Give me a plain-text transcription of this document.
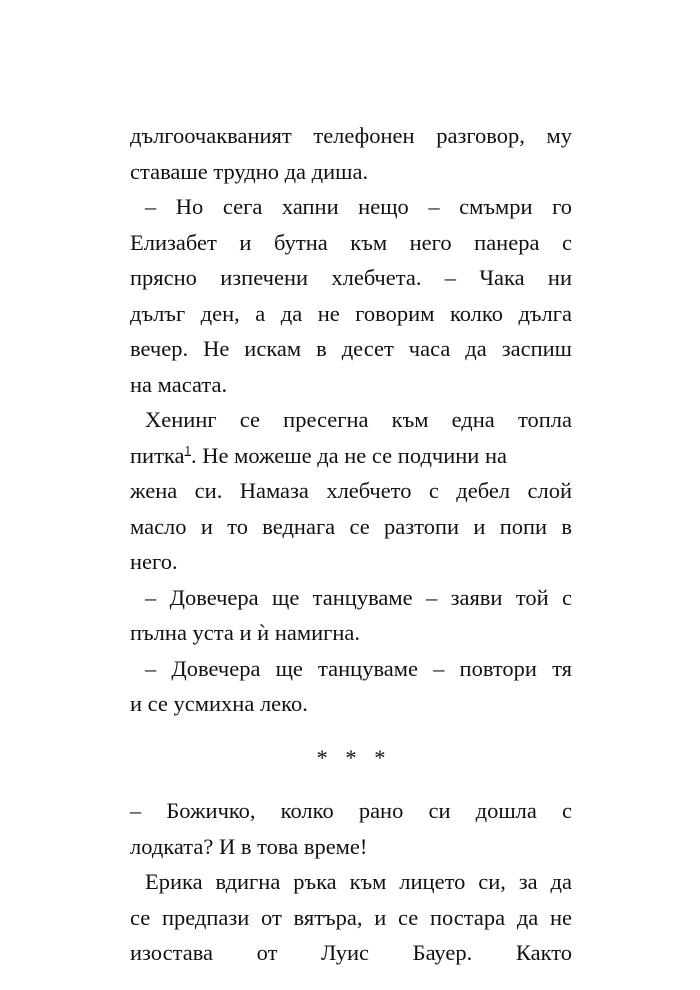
дългоочакваният телефонен разговор, му
ставаше трудно да диша.
– Но сега хапни нещо – смъмри го
Елизабет и бутна към него панера с
прясно изпечени хлебчета. – Чака ни
дълъг ден, а да не говорим колко дълга
вечер. Не искам в десет часа да заспиш
на масата.
Хенинг се пресегна към една топла
питка$^1$. Не можеше да не се подчини на
жена си. Намаза хлебчето с дебел слой
масло и то веднага се разтопи и попи в
него.
– Довечера ще танцуваме – заяви той с
пълна уста и ѝ намигна.
– Довечера ще танцуваме – повтори тя
и се усмихна леко.
* * *
– Божичко, колко рано си дошла с
лодката? И в това време!
Ерика вдигна ръка към лицето си, за да
се предпази от вятъра, и се постара да не
изостава от Луис Бауер. Както
